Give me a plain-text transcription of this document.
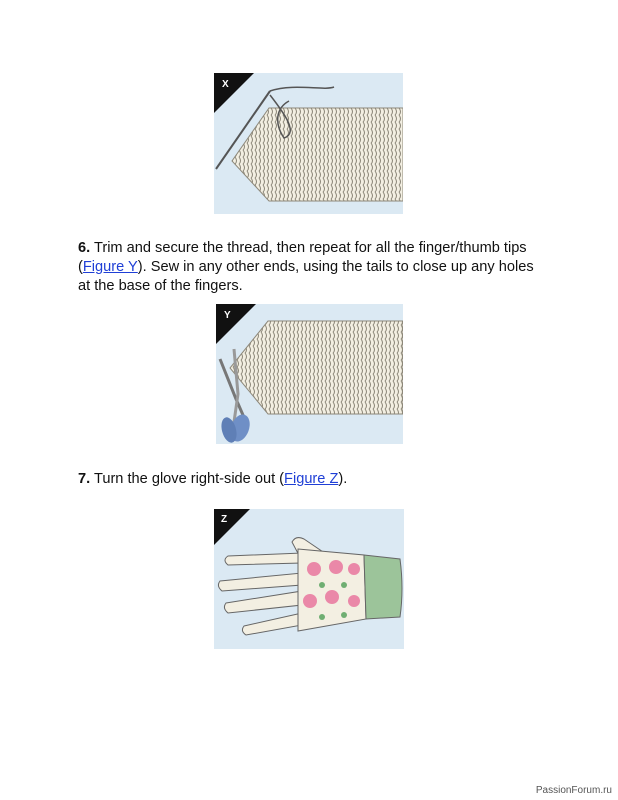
X

6. Trim and secure the thread, then repeat for all the finger/thumb tips (Figure Y). Sew in any other ends, using the tails to close up any holes at the base of the fingers.

Y

7. Turn the glove right-side out (Figure Z).

Z
PassionForum.ru
